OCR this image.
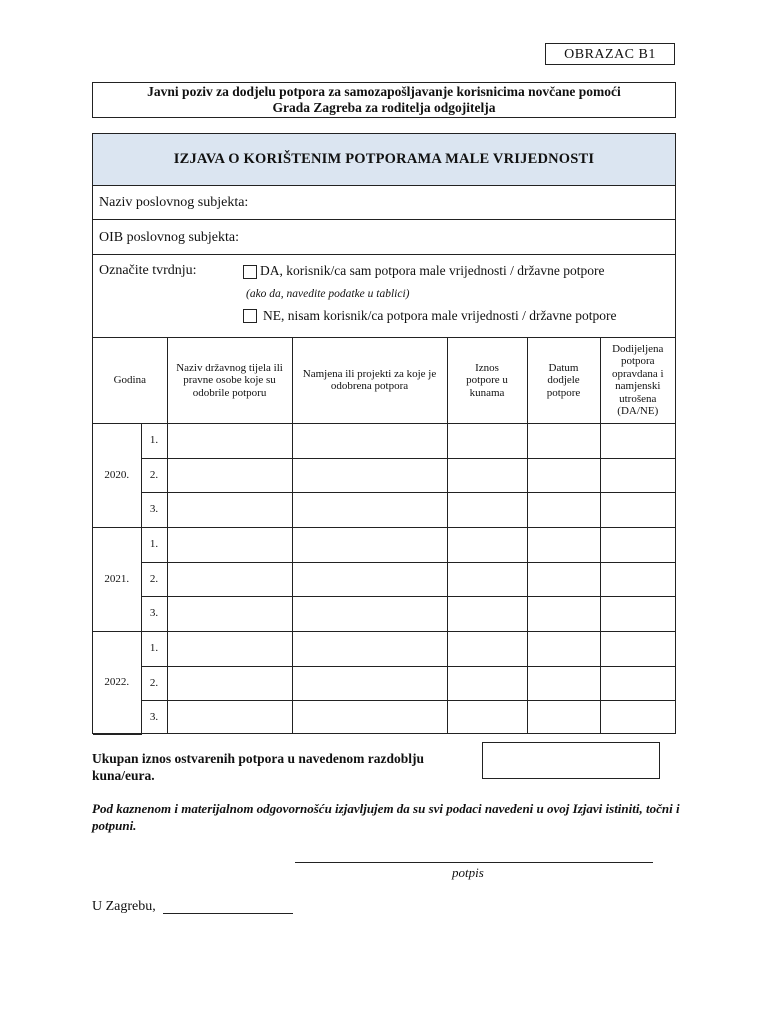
OBRAZAC B1
Javni poziv za dodjelu potpora za samozapošljavanje korisnicima novčane pomoći
Grada Zagreba za roditelja odgojitelja
IZJAVA O KORIŠTENIM POTPORAMA MALE VRIJEDNOSTI
Naziv poslovnog subjekta:
OIB poslovnog subjekta:
Označite tvrdnju:	DA, korisnik/ca sam potpora male vrijednosti / državne potpore
(ako da, navedite podatke u tablici)
NE, nisam korisnik/ca potpora male vrijednosti / državne potpore
Godina		Naziv državnog tijela ili pravne osobe koje su odobrile potporu	Namjena ili projekti za koje je odobrena potpora	Iznos potpore u kunama	Datum dodjele potpore	Dodijeljena potpora opravdana i namjenski utrošena (DA/NE)
2020.	1.					
	2.					
	3.					
2021.	1.					
	2.					
	3.					
2022.	1.					
	2.					
	3.					
Ukupan iznos ostvarenih potpora u navedenom razdoblju kuna/eura.
Pod kaznenom i materijalnom odgovornošću izjavljujem da su svi podaci navedeni u ovoj Izjavi istiniti, točni i potpuni.
potpis
U Zagrebu,
